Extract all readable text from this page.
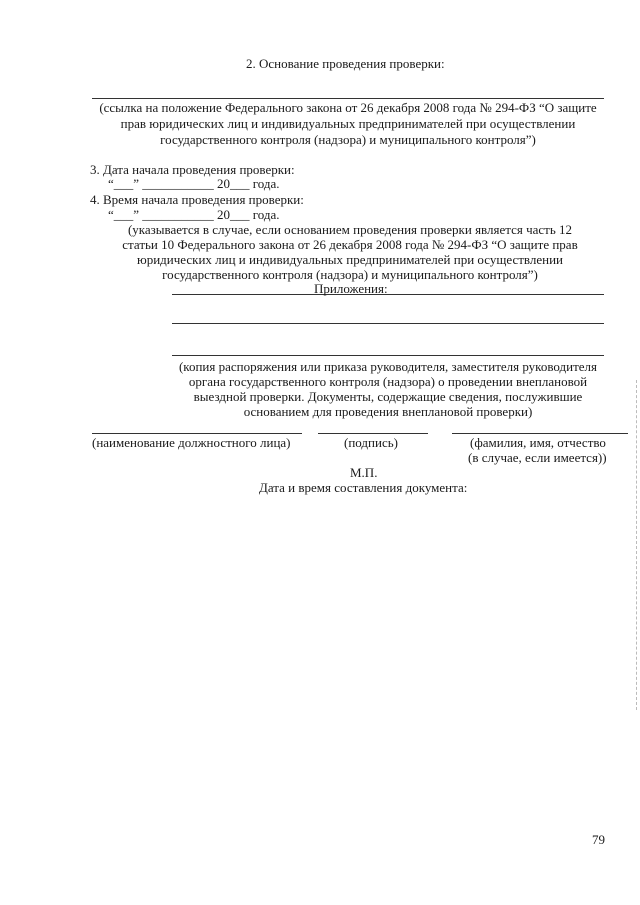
2. Основание проведения проверки:
(ссылка на положение Федерального закона от 26 декабря 2008 года № 294-ФЗ “О защите
прав юридических лиц и индивидуальных предпринимателей при осуществлении
государственного контроля (надзора) и муниципального контроля”)
3. Дата начала проведения проверки:
“___” ___________ 20___ года.
4. Время начала проведения проверки:
“___” ___________ 20___ года.
(указывается в случае, если основанием проведения проверки является часть 12
статьи 10 Федерального закона от 26 декабря 2008 года № 294-ФЗ “О защите прав
юридических лиц и индивидуальных предпринимателей при осуществлении
государственного контроля (надзора) и муниципального контроля”)
Приложения:
(копия распоряжения или приказа руководителя, заместителя руководителя
органа государственного контроля (надзора) о проведении внеплановой
выездной проверки. Документы, содержащие сведения, послужившие
основанием для проведения внеплановой проверки)
(наименование должностного лица)	(подпись)	(фамилия, имя, отчество
(в случае, если имеется))
М.П.
Дата и время составления документа:
79
